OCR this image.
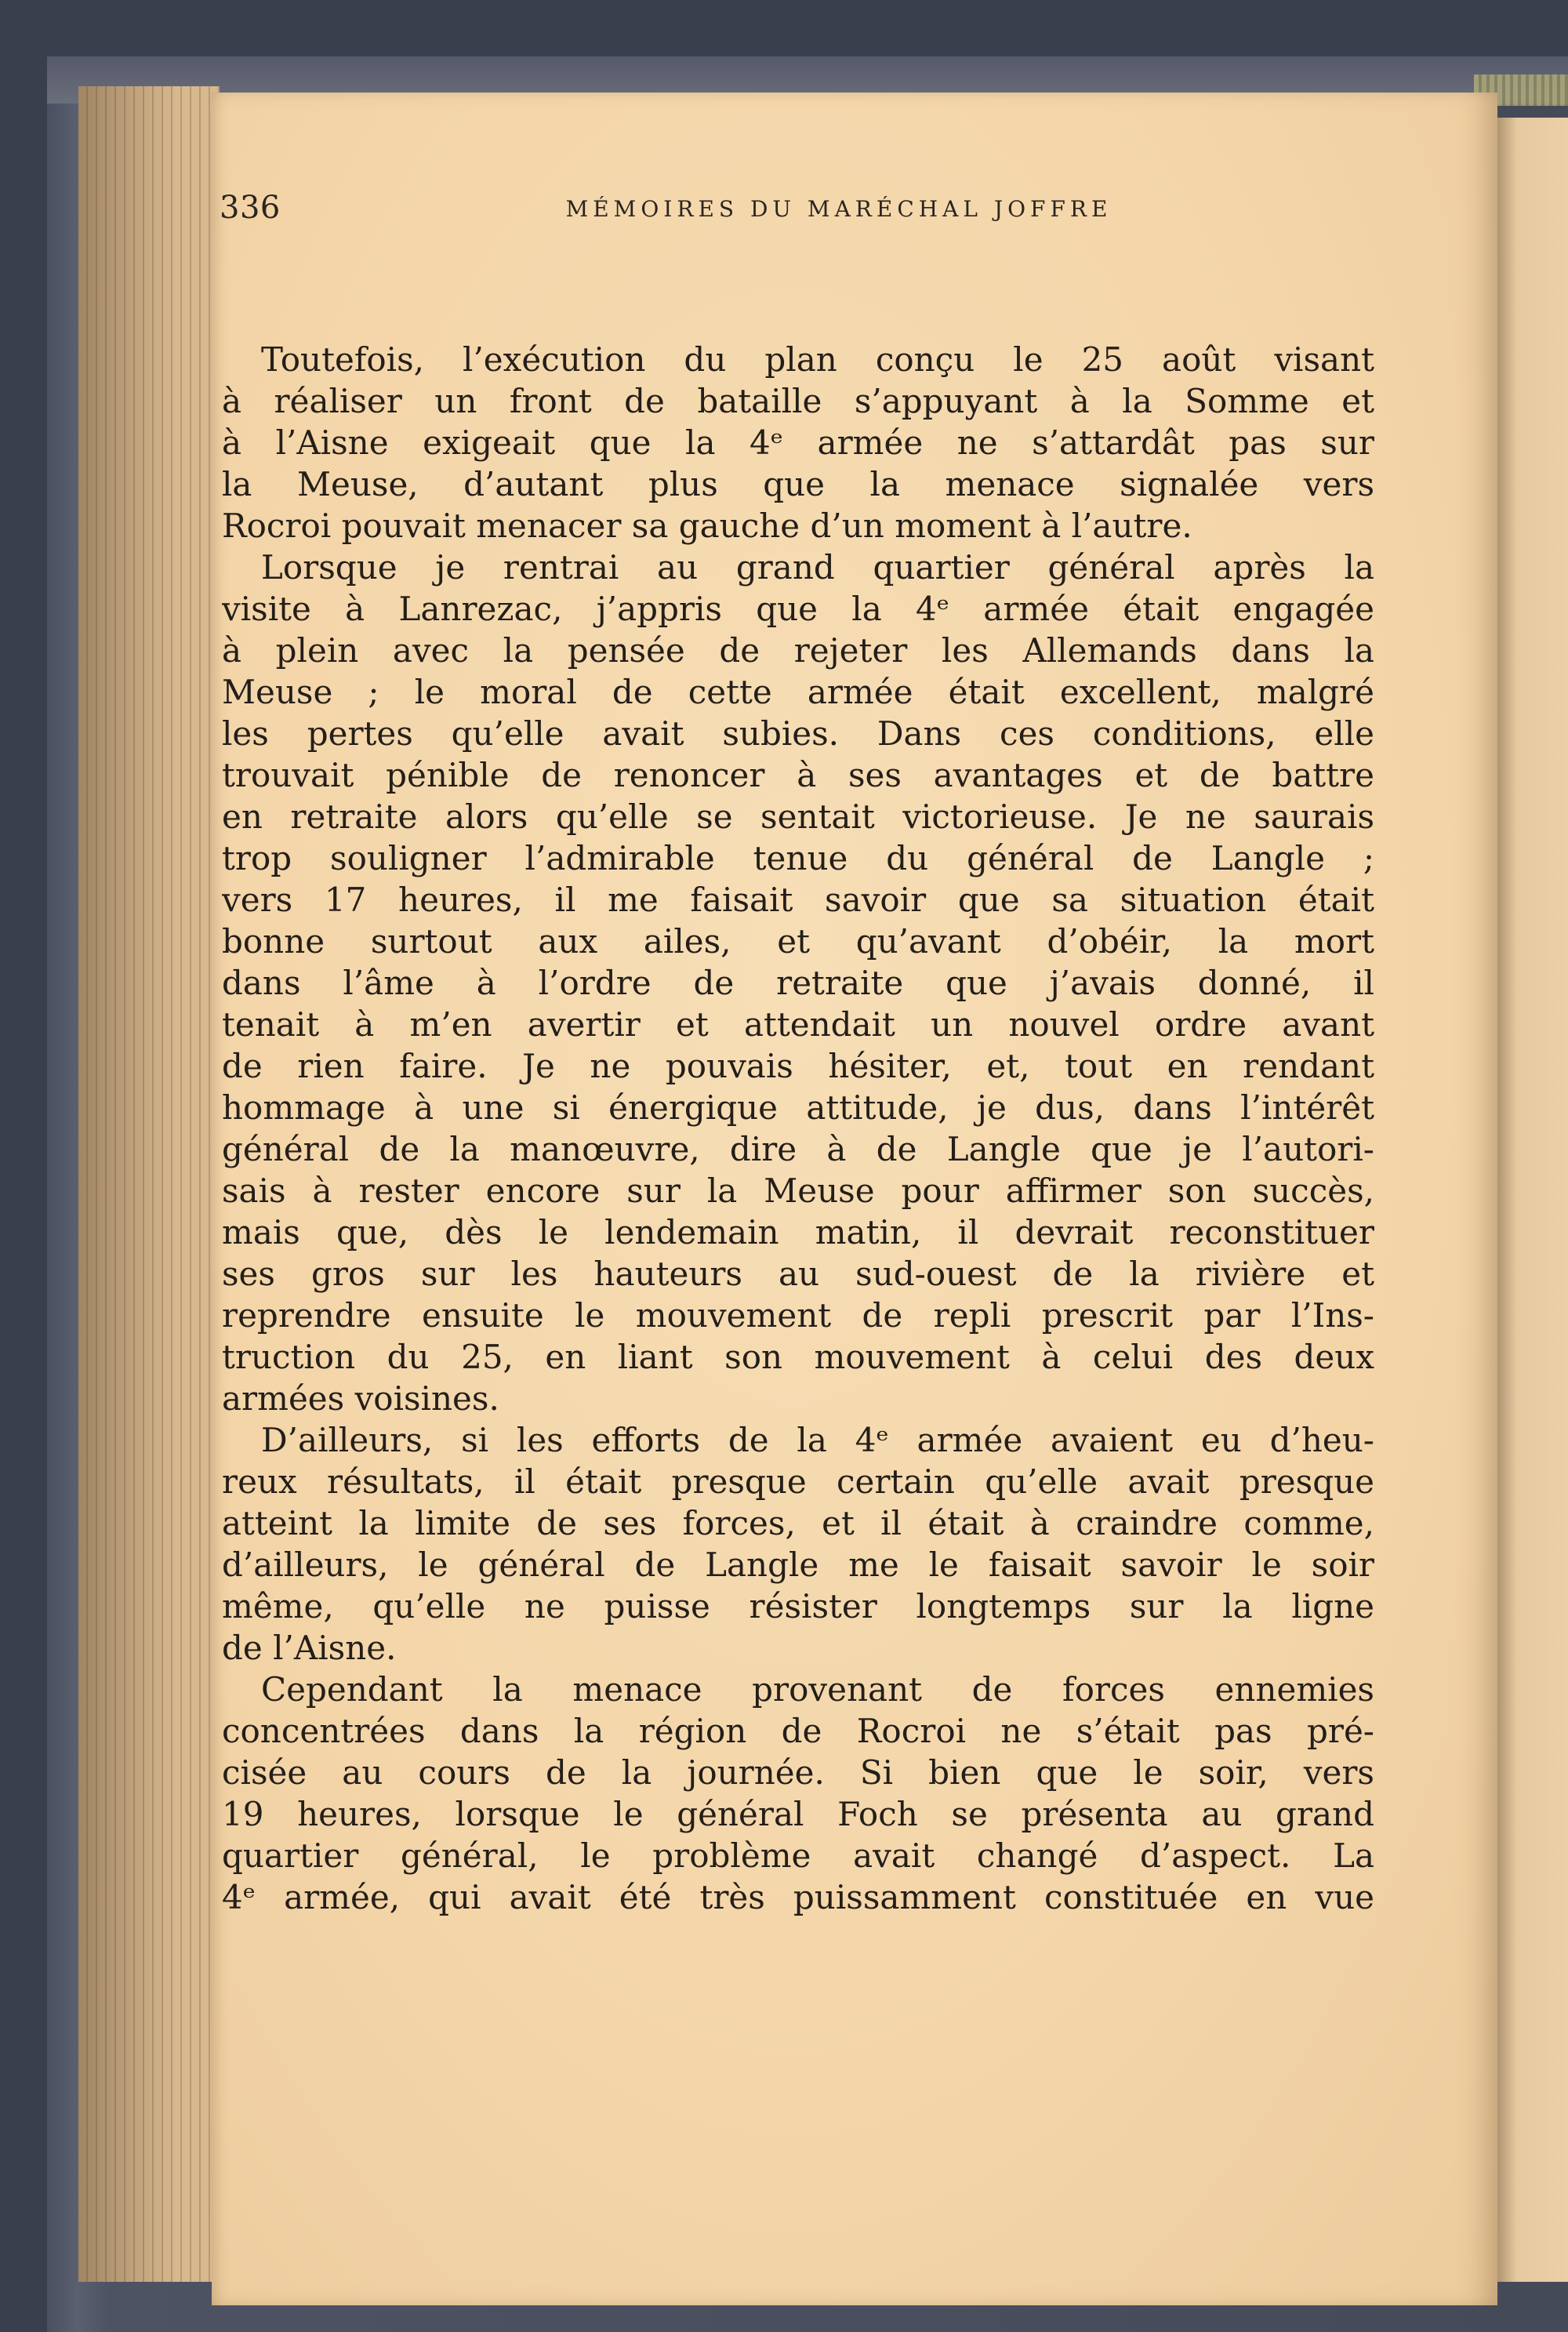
336	MÉMOIRES DU MARÉCHAL JOFFRE
Toutefois, l’exécution du plan conçu le 25 août visant
à réaliser un front de bataille s’appuyant à la Somme et
à l’Aisne exigeait que la 4ᵉ armée ne s’attardât pas sur
la Meuse, d’autant plus que la menace signalée vers
Rocroi pouvait menacer sa gauche d’un moment à l’autre.
Lorsque je rentrai au grand quartier général après la
visite à Lanrezac, j’appris que la 4ᵉ armée était engagée
à plein avec la pensée de rejeter les Allemands dans la
Meuse ; le moral de cette armée était excellent, malgré
les pertes qu’elle avait subies. Dans ces conditions, elle
trouvait pénible de renoncer à ses avantages et de battre
en retraite alors qu’elle se sentait victorieuse. Je ne saurais
trop souligner l’admirable tenue du général de Langle ;
vers 17 heures, il me faisait savoir que sa situation était
bonne surtout aux ailes, et qu’avant d’obéir, la mort
dans l’âme à l’ordre de retraite que j’avais donné, il
tenait à m’en avertir et attendait un nouvel ordre avant
de rien faire. Je ne pouvais hésiter, et, tout en rendant
hommage à une si énergique attitude, je dus, dans l’intérêt
général de la manœuvre, dire à de Langle que je l’autori-
sais à rester encore sur la Meuse pour affirmer son succès,
mais que, dès le lendemain matin, il devrait reconstituer
ses gros sur les hauteurs au sud-ouest de la rivière et
reprendre ensuite le mouvement de repli prescrit par l’Ins-
truction du 25, en liant son mouvement à celui des deux
armées voisines.
D’ailleurs, si les efforts de la 4ᵉ armée avaient eu d’heu-
reux résultats, il était presque certain qu’elle avait presque
atteint la limite de ses forces, et il était à craindre comme,
d’ailleurs, le général de Langle me le faisait savoir le soir
même, qu’elle ne puisse résister longtemps sur la ligne
de l’Aisne.
Cependant la menace provenant de forces ennemies
concentrées dans la région de Rocroi ne s’était pas pré-
cisée au cours de la journée. Si bien que le soir, vers
19 heures, lorsque le général Foch se présenta au grand
quartier général, le problème avait changé d’aspect. La
4ᵉ armée, qui avait été très puissamment constituée en vue
